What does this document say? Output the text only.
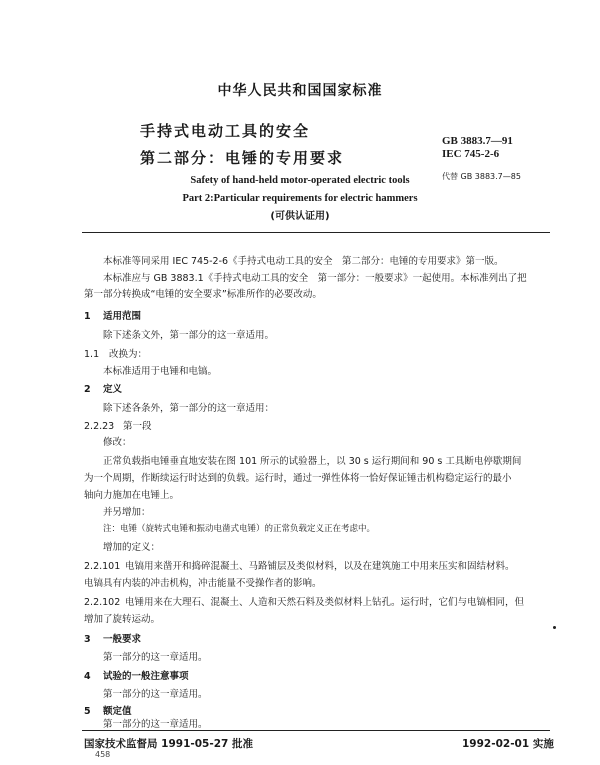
中华人民共和国国家标准
手持式电动工具的安全
第二部分：电锤的专用要求
GB 3883.7—91
IEC 745-2-6
代替 GB 3883.7—85
Safety of hand-held motor-operated electric tools
Part 2:Particular requirements for electric hammers
(可供认证用)
本标准等同采用 IEC 745-2-6《手持式电动工具的安全　第二部分：电锤的专用要求》第一版。
本标准应与 GB 3883.1《手持式电动工具的安全　第一部分：一般要求》一起使用。本标准列出了把
第一部分转换成“电锤的安全要求”标准所作的必要改动。
1 适用范围
除下述条文外，第一部分的这一章适用。
1.1 改换为：
本标准适用于电锤和电镐。
2 定义
除下述各条外，第一部分的这一章适用：
2.2.23 第一段
修改：
正常负载指电锤垂直地安装在图 101 所示的试验器上，以 30 s 运行期间和 90 s 工具断电停歇期间
为一个周期，作断续运行时达到的负载。运行时，通过一弹性体将一恰好保证锤击机构稳定运行的最小
轴向力施加在电锤上。
并另增加：
注：电锤（旋转式电锤和振动电凿式电锤）的正常负载定义正在考虑中。
增加的定义：
2.2.101 电镐用来凿开和捣碎混凝土、马路铺层及类似材料，以及在建筑施工中用来压实和固结材料。
电镐具有内装的冲击机构，冲击能量不受操作者的影响。
2.2.102 电锤用来在大理石、混凝土、人造和天然石料及类似材料上钻孔。运行时，它们与电镐相同，但
增加了旋转运动。
3 一般要求
第一部分的这一章适用。
4 试验的一般注意事项
第一部分的这一章适用。
5 额定值
第一部分的这一章适用。
国家技术监督局 1991-05-27 批准	1992-02-01 实施
458
